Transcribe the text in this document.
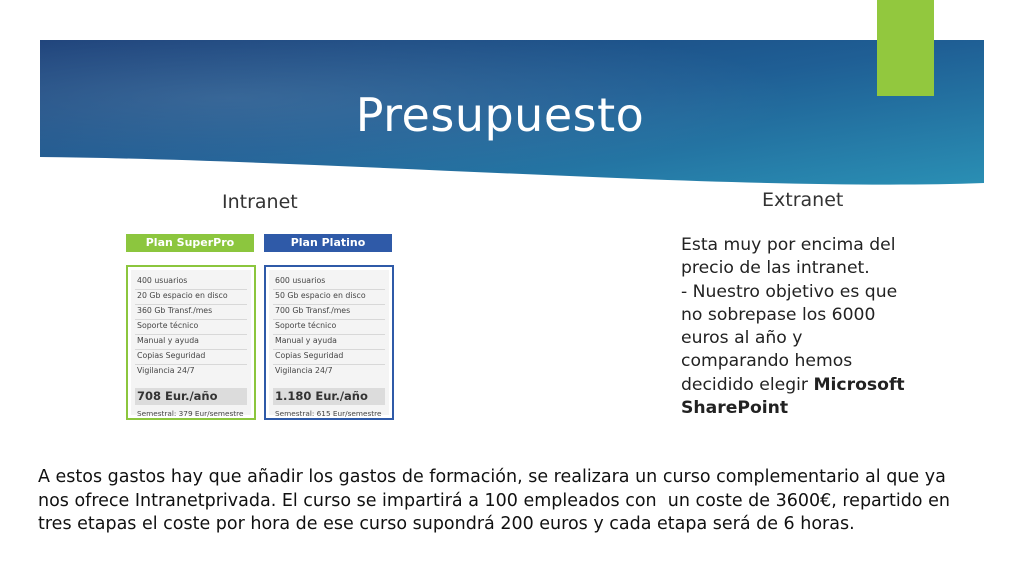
Presupuesto
Intranet	Extranet
Plan SuperPro
400 usuarios
20 Gb espacio en disco
360 Gb Transf./mes
Soporte técnico
Manual y ayuda
Copias Seguridad
Vigilancia 24/7
708 Eur./año
Semestral: 379 Eur/semestre
Plan Platino
600 usuarios
50 Gb espacio en disco
700 Gb Transf./mes
Soporte técnico
Manual y ayuda
Copias Seguridad
Vigilancia 24/7
1.180 Eur./año
Semestral: 615 Eur/semestre
Esta muy por encima del
precio de las intranet.
- Nuestro objetivo es que
no sobrepase los 6000
euros al año y
comparando hemos
decidido elegir Microsoft
SharePoint
A estos gastos hay que añadir los gastos de formación, se realizara un curso complementario al que ya
nos ofrece Intranetprivada. El curso se impartirá a 100 empleados con  un coste de 3600€, repartido en
tres etapas el coste por hora de ese curso supondrá 200 euros y cada etapa será de 6 horas.
